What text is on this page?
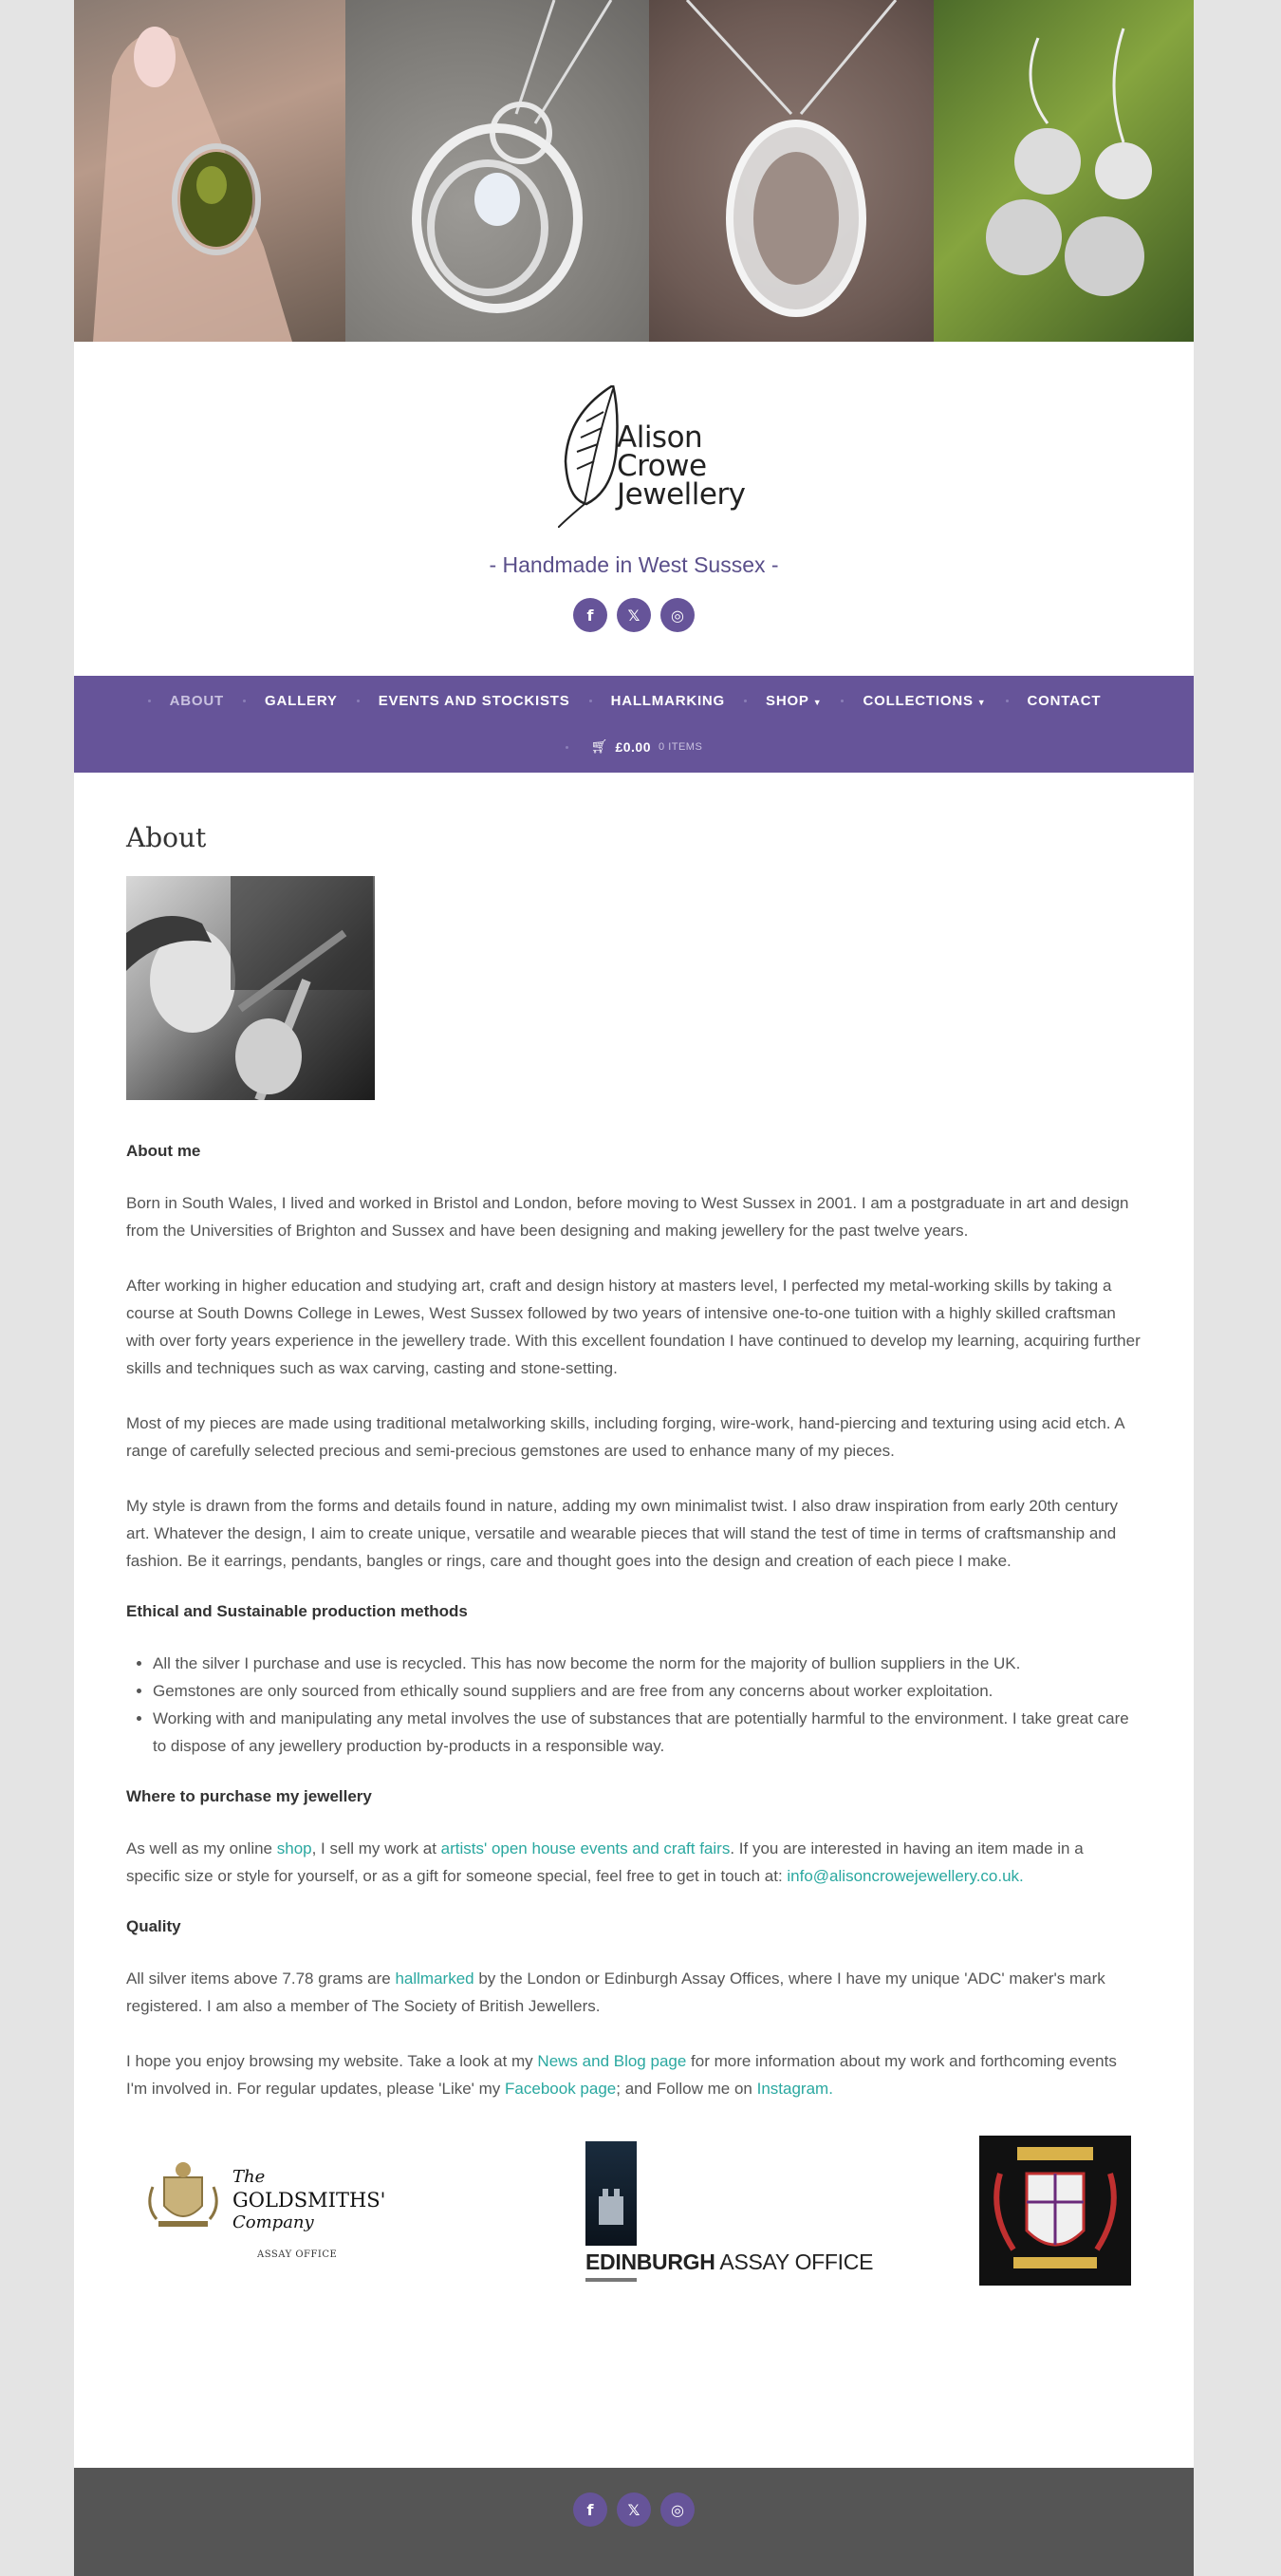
Alison
Crowe
Jewellery
- Handmade in West Sussex -
f	𝕏	◎
ABOUT	GALLERY	EVENTS AND STOCKISTS	HALLMARKING	SHOP ▼	COLLECTIONS ▼	CONTACT
🛒︎ £0.00 0 ITEMS
About
About me

Born in South Wales, I lived and worked in Bristol and London, before moving to West Sussex in 2001. I am a postgraduate in art and design from the Universities of Brighton and Sussex and have been designing and making jewellery for the past twelve years.

After working in higher education and studying art, craft and design history at masters level, I perfected my metal-working skills by taking a course at South Downs College in Lewes, West Sussex followed by two years of intensive one-to-one tuition with a highly skilled craftsman with over forty years experience in the jewellery trade. With this excellent foundation I have continued to develop my learning, acquiring further skills and techniques such as wax carving, casting and stone-setting.

Most of my pieces are made using traditional metalworking skills, including forging, wire-work, hand-piercing and texturing using acid etch. A range of carefully selected precious and semi-precious gemstones are used to enhance many of my pieces.

My style is drawn from the forms and details found in nature, adding my own minimalist twist. I also draw inspiration from early 20th century art. Whatever the design, I aim to create unique, versatile and wearable pieces that will stand the test of time in terms of craftsmanship and fashion. Be it earrings, pendants, bangles or rings, care and thought goes into the design and creation of each piece I make.

Ethical and Sustainable production methods
• All the silver I purchase and use is recycled. This has now become the norm for the majority of bullion suppliers in the UK.
• Gemstones are only sourced from ethically sound suppliers and are free from any concerns about worker exploitation.
• Working with and manipulating any metal involves the use of substances that are potentially harmful to the environment. I take great care to dispose of any jewellery production by-products in a responsible way.
Where to purchase my jewellery

As well as my online shop, I sell my work at artists' open house events and craft fairs. If you are interested in having an item made in a specific size or style for yourself, or as a gift for someone special, feel free to get in touch at: info@alisoncrowejewellery.co.uk.

Quality

All silver items above 7.78 grams are hallmarked by the London or Edinburgh Assay Offices, where I have my unique 'ADC' maker's mark registered. I am also a member of The Society of British Jewellers.

I hope you enjoy browsing my website. Take a look at my News and Blog page for more information about my work and forthcoming events I'm involved in. For regular updates, please 'Like' my Facebook page; and Follow me on Instagram.

The
GOLDSMITHS'
Company
ASSAY OFFICE	EDINBURGH ASSAY OFFICE
f	𝕏	◎
